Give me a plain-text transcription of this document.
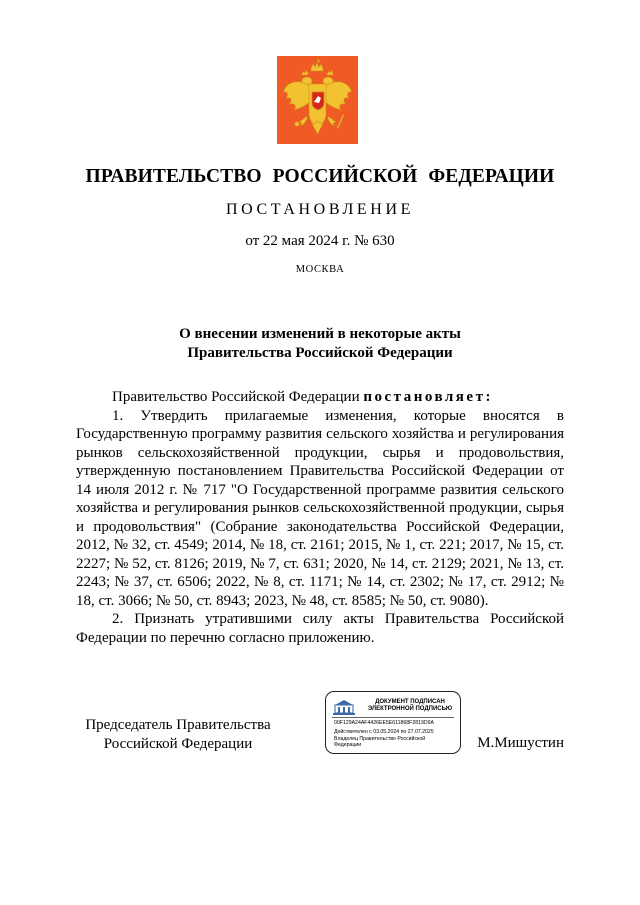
ПРАВИТЕЛЬСТВО РОССИЙСКОЙ ФЕДЕРАЦИИ
ПОСТАНОВЛЕНИЕ
от 22 мая 2024 г. № 630
МОСКВА
О внесении изменений в некоторые акты
Правительства Российской Федерации

Правительство Российской Федерации постановляет:

1. Утвердить прилагаемые изменения, которые вносятся в Государственную программу развития сельского хозяйства и регулирования рынков сельскохозяйственной продукции, сырья и продовольствия, утвержденную постановлением Правительства Российской Федерации от 14 июля 2012 г. № 717 "О Государственной программе развития сельского хозяйства и регулирования рынков сельскохозяйственной продукции, сырья и продовольствия" (Собрание законодательства Российской Федерации, 2012, № 32, ст. 4549; 2014, № 18, ст. 2161; 2015, № 1, ст. 221; 2017, № 15, ст. 2227; № 52, ст. 8126; 2019, № 7, ст. 631; 2020, № 14, ст. 2129; 2021, № 13, ст. 2243; № 37, ст. 6506; 2022, № 8, ст. 1171; № 14, ст. 2302; № 17, ст. 2912; № 18, ст. 3066; № 50, ст. 8943; 2023, № 48, ст. 8585; № 50, ст. 9080).

2. Признать утратившими силу акты Правительства Российской Федерации по перечню согласно приложению.

Председатель Правительства
Российской Федерации
ДОКУМЕНТ ПОДПИСАН
ЭЛЕКТРОННОЙ ПОДПИСЬЮ
00F129A24AF4426EE5E611868F2819D9A
Действителен с 03.05.2024 по 27.07.2025
Владелец Правительство Российской
Федерации	М.Мишустин
